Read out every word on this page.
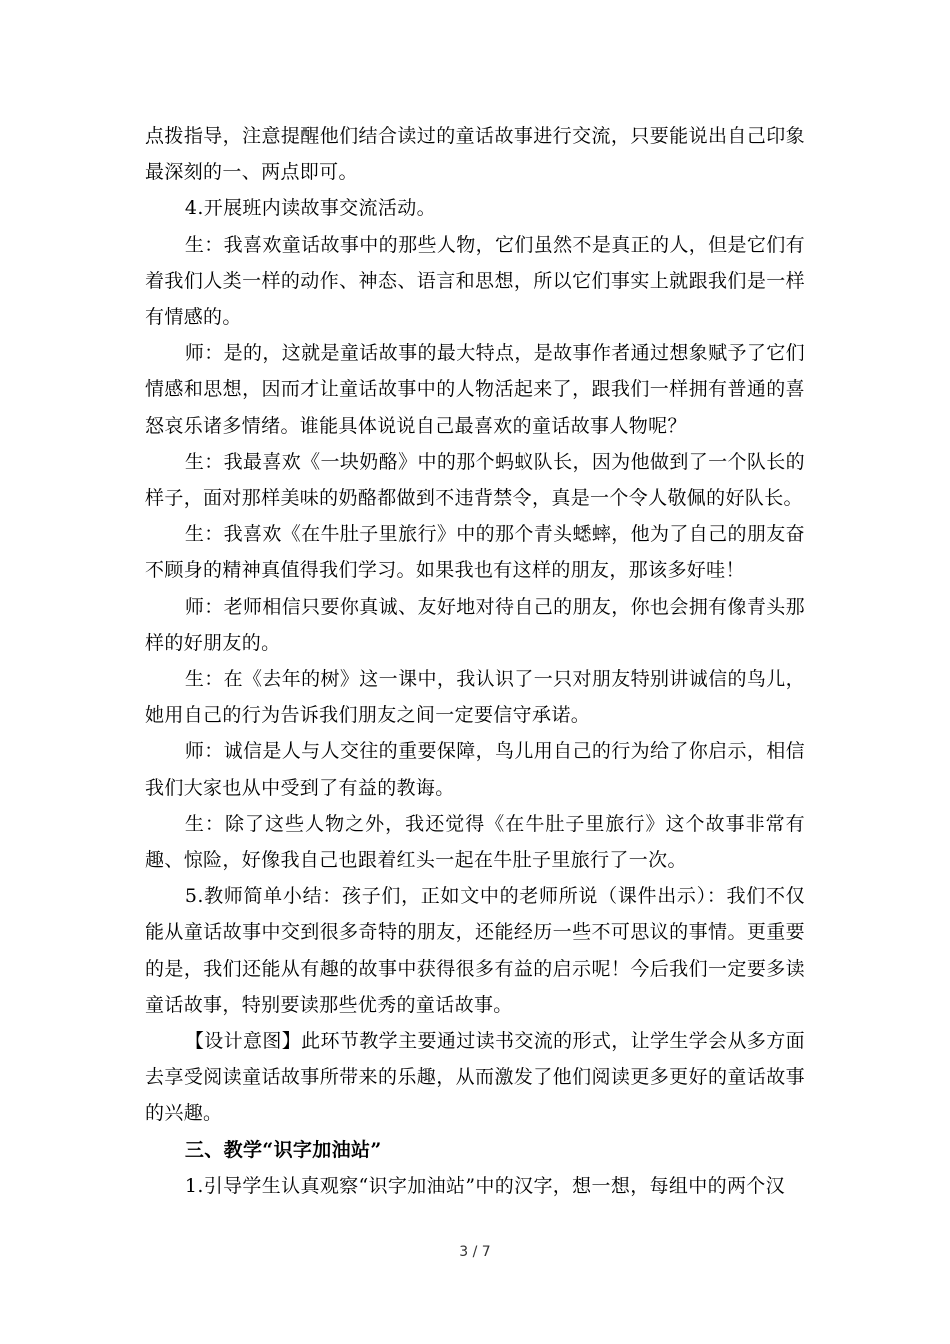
点拨指导，注意提醒他们结合读过的童话故事进行交流，只要能说出自己印象最深刻的一、两点即可。

4.开展班内读故事交流活动。

生：我喜欢童话故事中的那些人物，它们虽然不是真正的人，但是它们有着我们人类一样的动作、神态、语言和思想，所以它们事实上就跟我们是一样有情感的。

师：是的，这就是童话故事的最大特点，是故事作者通过想象赋予了它们情感和思想，因而才让童话故事中的人物活起来了，跟我们一样拥有普通的喜怒哀乐诸多情绪。谁能具体说说自己最喜欢的童话故事人物呢？

生：我最喜欢《一块奶酪》中的那个蚂蚁队长，因为他做到了一个队长的样子，面对那样美味的奶酪都做到不违背禁令，真是一个令人敬佩的好队长。

生：我喜欢《在牛肚子里旅行》中的那个青头蟋蟀，他为了自己的朋友奋不顾身的精神真值得我们学习。如果我也有这样的朋友，那该多好哇！

师：老师相信只要你真诚、友好地对待自己的朋友，你也会拥有像青头那样的好朋友的。

生：在《去年的树》这一课中，我认识了一只对朋友特别讲诚信的鸟儿，她用自己的行为告诉我们朋友之间一定要信守承诺。

师：诚信是人与人交往的重要保障，鸟儿用自己的行为给了你启示，相信我们大家也从中受到了有益的教诲。

生：除了这些人物之外，我还觉得《在牛肚子里旅行》这个故事非常有趣、惊险，好像我自己也跟着红头一起在牛肚子里旅行了一次。

5.教师简单小结：孩子们，正如文中的老师所说（课件出示）：我们不仅能从童话故事中交到很多奇特的朋友，还能经历一些不可思议的事情。更重要的是，我们还能从有趣的故事中获得很多有益的启示呢！今后我们一定要多读童话故事，特别要读那些优秀的童话故事。

【设计意图】此环节教学主要通过读书交流的形式，让学生学会从多方面去享受阅读童话故事所带来的乐趣，从而激发了他们阅读更多更好的童话故事的兴趣。

三、教学“识字加油站”

1.引导学生认真观察“识字加油站”中的汉字，想一想，每组中的两个汉

3 / 7
